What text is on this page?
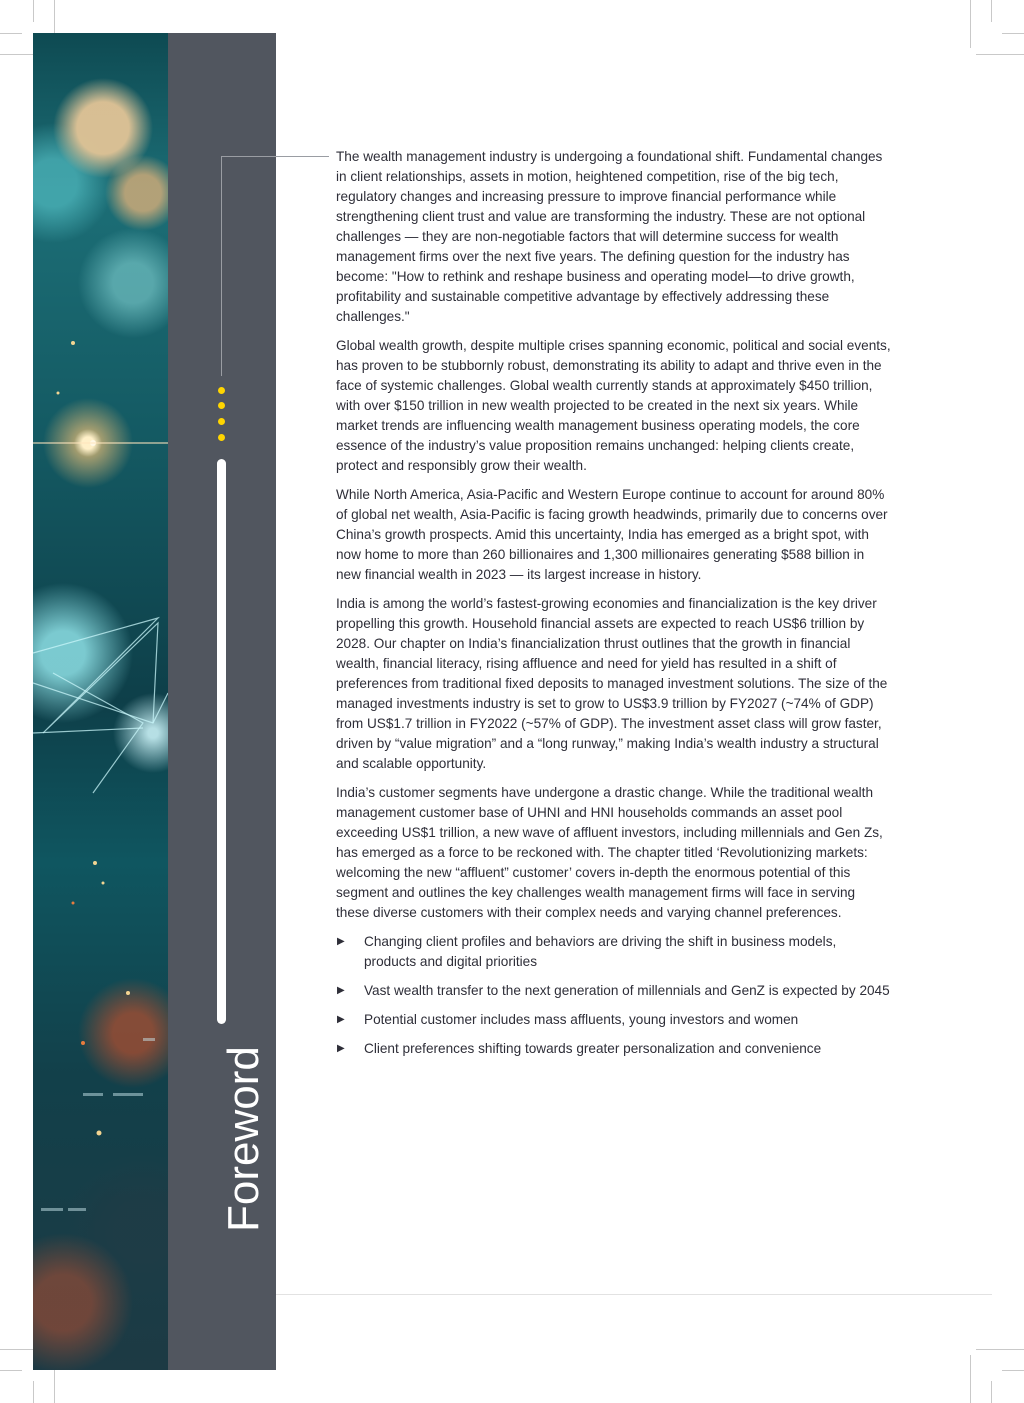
Foreword

The wealth management industry is undergoing a foundational shift. Fundamental changes in client relationships, assets in motion, heightened competition, rise of the big tech, regulatory changes and increasing pressure to improve financial performance while strengthening client trust and value are transforming the industry. These are not optional challenges — they are non-negotiable factors that will determine success for wealth management firms over the next five years. The defining question for the industry has become: "How to rethink and reshape business and operating model—to drive growth, profitability and sustainable competitive advantage by effectively addressing these challenges."

Global wealth growth, despite multiple crises spanning economic, political and social events, has proven to be stubbornly robust, demonstrating its ability to adapt and thrive even in the face of systemic challenges. Global wealth currently stands at approximately $450 trillion, with over $150 trillion in new wealth projected to be created in the next six years. While market trends are influencing wealth management business operating models, the core essence of the industry’s value proposition remains unchanged: helping clients create, protect and responsibly grow their wealth.

While North America, Asia-Pacific and Western Europe continue to account for around 80% of global net wealth, Asia-Pacific is facing growth headwinds, primarily due to concerns over China’s growth prospects. Amid this uncertainty, India has emerged as a bright spot, with now home to more than 260 billionaires and 1,300 millionaires generating $588 billion in new financial wealth in 2023 — its largest increase in history.

India is among the world’s fastest-growing economies and financialization is the key driver propelling this growth. Household financial assets are expected to reach US$6 trillion by 2028. Our chapter on India’s financialization thrust outlines that the growth in financial wealth, financial literacy, rising affluence and need for yield has resulted in a shift of preferences from traditional fixed deposits to managed investment solutions. The size of the managed investments industry is set to grow to US$3.9 trillion by FY2027 (~74% of GDP) from US$1.7 trillion in FY2022 (~57% of GDP). The investment asset class will grow faster, driven by “value migration” and a “long runway,” making India’s wealth industry a structural and scalable opportunity.

India’s customer segments have undergone a drastic change. While the traditional wealth management customer base of UHNI and HNI households commands an asset pool exceeding US$1 trillion, a new wave of affluent investors, including millennials and Gen Zs, has emerged as a force to be reckoned with. The chapter titled ‘Revolutionizing markets: welcoming the new “affluent” customer’ covers in-depth the enormous potential of this segment and outlines the key challenges wealth management firms will face in serving these diverse customers with their complex needs and varying channel preferences.

▶ Changing client profiles and behaviors are driving the shift in business models, products and digital priorities
▶ Vast wealth transfer to the next generation of millennials and GenZ is expected by 2045
▶ Potential customer includes mass affluents, young investors and women
▶ Client preferences shifting towards greater personalization and convenience
